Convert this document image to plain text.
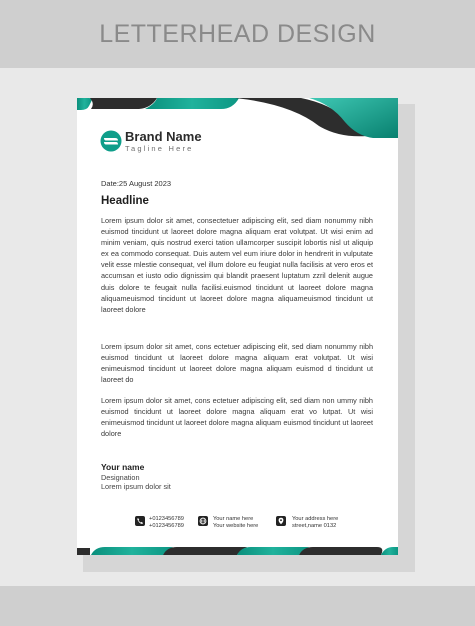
LETTERHEAD DESIGN
Brand Name
Tagline Here
Date:25 August 2023
Headline

Lorem ipsum dolor sit amet, consectetuer adipiscing elit, sed diam nonummy nibh euismod tincidunt ut laoreet dolore magna aliquam erat volutpat. Ut wisi enim ad minim veniam, quis nostrud exerci tation ullamcorper suscipit lobortis nisl ut aliquip ex ea commodo consequat. Duis autem vel eum iriure dolor in hendrerit in vulputate velit esse mlestie consequat, vel illum dolore eu feugiat nulla facilisis at vero eros et accumsan et iusto odio dignissim qui blandit praesent luptatum zzril delenit augue duis dolore te feugait nulla facilisi.euismod tincidunt ut laoreet dolore magna aliquameuismod tincidunt ut laoreet dolore magna aliquameuismod tincidunt ut laoreet dolore

Lorem ipsum dolor sit amet, cons ectetuer adipiscing elit, sed diam nonummy nibh euismod tincidunt ut laoreet dolore magna aliquam erat volutpat. Ut wisi enimeuismod tincidunt ut laoreet dolore magna aliquam euismod d tincidunt ut laoreet do

Lorem ipsum dolor sit amet, cons ectetuer adipiscing elit, sed diam non ummy nibh euismod tincidunt ut laoreet dolore magna aliquam erat vo lutpat. Ut wisi enimeuismod tincidunt ut laoreet dolore magna aliquam euismod tincidunt ut laoreet dolore

Your name
Designation
Lorem ipsum dolor sit
+0123456789
+0123456789
Your name here
Your website here
Your address here
street,name 0132
